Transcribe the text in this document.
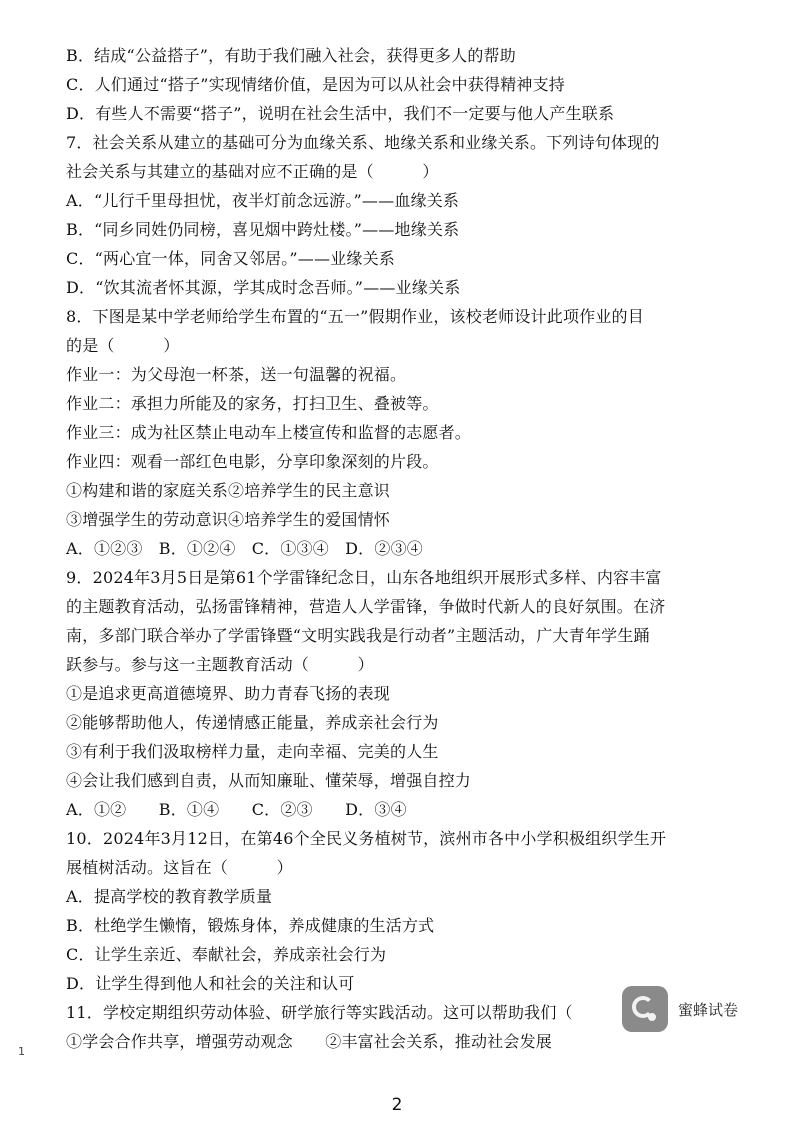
B．结成“公益搭子”，有助于我们融入社会，获得更多人的帮助
C．人们通过“搭子”实现情绪价值，是因为可以从社会中获得精神支持
D．有些人不需要“搭子”，说明在社会生活中，我们不一定要与他人产生联系
7．社会关系从建立的基础可分为血缘关系、地缘关系和业缘关系。下列诗句体现的
社会关系与其建立的基础对应不正确的是（　　　）
A．“儿行千里母担忧，夜半灯前念远游。”——血缘关系
B．“同乡同姓仍同榜，喜见烟中跨灶楼。”——地缘关系
C．“两心宜一体，同舍又邻居。”——业缘关系
D．“饮其流者怀其源，学其成时念吾师。”——业缘关系
8．下图是某中学老师给学生布置的“五一”假期作业，该校老师设计此项作业的目
的是（　　　）
作业一：为父母泡一杯茶，送一句温馨的祝福。
作业二：承担力所能及的家务，打扫卫生、叠被等。
作业三：成为社区禁止电动车上楼宣传和监督的志愿者。
作业四：观看一部红色电影，分享印象深刻的片段。
①构建和谐的家庭关系②培养学生的民主意识
③增强学生的劳动意识④培养学生的爱国情怀
A．①②③　B．①②④　C．①③④　D．②③④
9．2024年3月5日是第61个学雷锋纪念日，山东各地组织开展形式多样、内容丰富
的主题教育活动，弘扬雷锋精神，营造人人学雷锋，争做时代新人的良好氛围。在济
南，多部门联合举办了学雷锋暨“文明实践我是行动者”主题活动，广大青年学生踊
跃参与。参与这一主题教育活动（　　　）
①是追求更高道德境界、助力青春飞扬的表现
②能够帮助他人，传递情感正能量，养成亲社会行为
③有利于我们汲取榜样力量，走向幸福、完美的人生
④会让我们感到自责，从而知廉耻、懂荣辱，增强自控力
A．①②　　B．①④　　C．②③　　D．③④
10．2024年3月12日，在第46个全民义务植树节，滨州市各中小学积极组织学生开
展植树活动。这旨在（　　　）
A．提高学校的教育教学质量
B．杜绝学生懒惰，锻炼身体，养成健康的生活方式
C．让学生亲近、奉献社会，养成亲社会行为
D．让学生得到他人和社会的关注和认可
11．学校定期组织劳动体验、研学旅行等实践活动。这可以帮助我们（
①学会合作共享，增强劳动观念　　②丰富社会关系，推动社会发展
蜜蜂试卷
1
2
